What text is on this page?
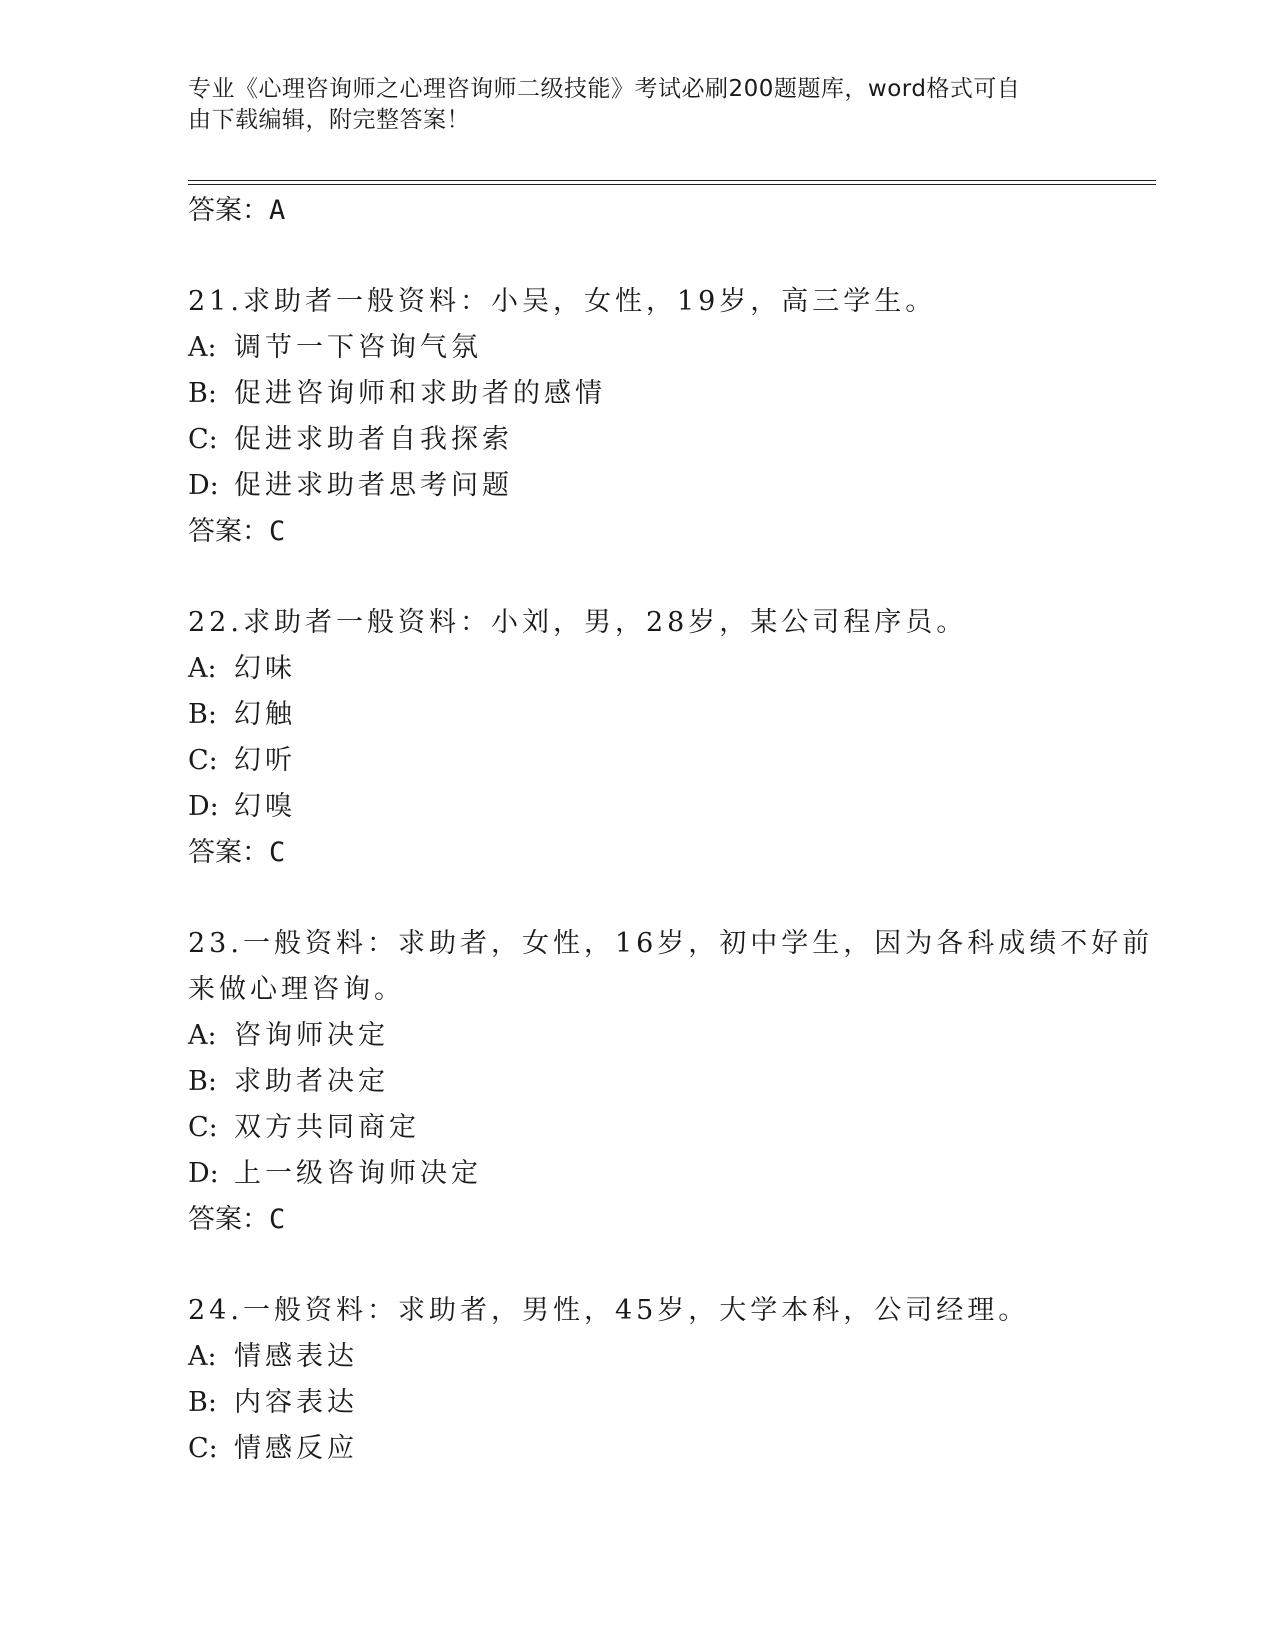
专业《心理咨询师之心理咨询师二级技能》考试必刷200题题库，word格式可自
由下载编辑，附完整答案！
答案：A
21.求助者一般资料：小吴，女性，19岁，高三学生。
A: 调节一下咨询气氛
B: 促进咨询师和求助者的感情
C: 促进求助者自我探索
D: 促进求助者思考问题
答案：C
22.求助者一般资料：小刘，男，28岁，某公司程序员。
A: 幻味
B: 幻触
C: 幻听
D: 幻嗅
答案：C
23.一般资料：求助者，女性，16岁，初中学生，因为各科成绩不好前
来做心理咨询。
A: 咨询师决定
B: 求助者决定
C: 双方共同商定
D: 上一级咨询师决定
答案：C
24.一般资料：求助者，男性，45岁，大学本科，公司经理。
A: 情感表达
B: 内容表达
C: 情感反应
